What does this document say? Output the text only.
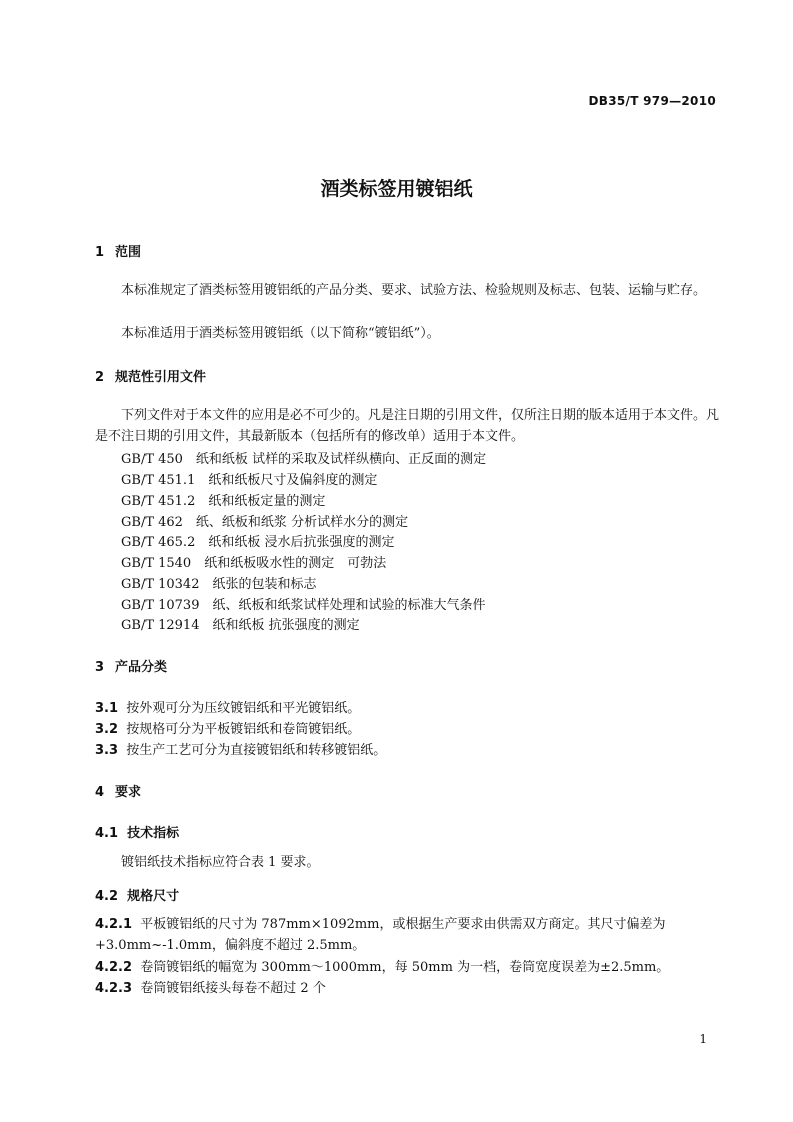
DB35/T 979—2010
酒类标签用镀铝纸
1 范围
本标准规定了酒类标签用镀铝纸的产品分类、要求、试验方法、检验规则及标志、包装、运输与贮存。
本标准适用于酒类标签用镀铝纸（以下简称“镀铝纸”）。
2 规范性引用文件
下列文件对于本文件的应用是必不可少的。凡是注日期的引用文件，仅所注日期的版本适用于本文件。凡是不注日期的引用文件，其最新版本（包括所有的修改单）适用于本文件。
GB/T 450　纸和纸板 试样的采取及试样纵横向、正反面的测定
GB/T 451.1　纸和纸板尺寸及偏斜度的测定
GB/T 451.2　纸和纸板定量的测定
GB/T 462　纸、纸板和纸浆 分析试样水分的测定
GB/T 465.2　纸和纸板 浸水后抗张强度的测定
GB/T 1540　纸和纸板吸水性的测定　可勃法
GB/T 10342　纸张的包装和标志
GB/T 10739　纸、纸板和纸浆试样处理和试验的标准大气条件
GB/T 12914　纸和纸板 抗张强度的测定
3 产品分类
3.1 按外观可分为压纹镀铝纸和平光镀铝纸。
3.2 按规格可分为平板镀铝纸和卷筒镀铝纸。
3.3 按生产工艺可分为直接镀铝纸和转移镀铝纸。
4 要求
4.1 技术指标
镀铝纸技术指标应符合表 1 要求。
4.2 规格尺寸
4.2.1 平板镀铝纸的尺寸为 787mm×1092mm，或根据生产要求由供需双方商定。其尺寸偏差为+3.0mm~-1.0mm，偏斜度不超过 2.5mm。
4.2.2 卷筒镀铝纸的幅宽为 300mm～1000mm，每 50mm 为一档，卷筒宽度误差为±2.5mm。
4.2.3 卷筒镀铝纸接头每卷不超过 2 个
1
